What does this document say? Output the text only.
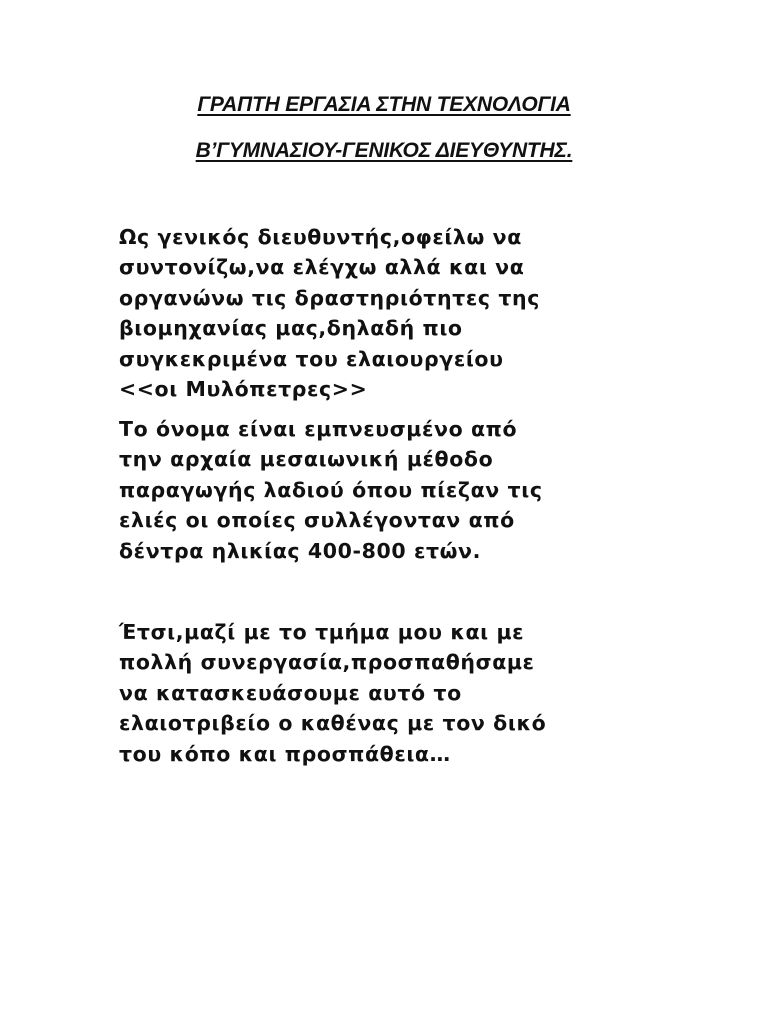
ΓΡΑΠΤΗ ΕΡΓΑΣΙΑ ΣΤΗΝ ΤΕΧΝΟΛΟΓΙΑ
Β’ΓΥΜΝΑΣΙΟΥ-ΓΕΝΙΚΟΣ ΔΙΕΥΘΥΝΤΗΣ.
Ως γενικός διευθυντής,οφείλω να
συντονίζω,να ελέγχω αλλά και να
οργανώνω τις δραστηριότητες της
βιομηχανίας μας,δηλαδή πιο
συγκεκριμένα του ελαιουργείου
<<οι Μυλόπετρες>>
Το όνομα είναι εμπνευσμένο από
την αρχαία μεσαιωνική μέθοδο
παραγωγής λαδιού όπου πίεζαν τις
ελιές οι οποίες συλλέγονταν από
δέντρα ηλικίας 400-800 ετών.
Έτσι,μαζί με το τμήμα μου και με
πολλή συνεργασία,προσπαθήσαμε
να κατασκευάσουμε αυτό το
ελαιοτριβείο ο καθένας με τον δικό
του κόπο και προσπάθεια…
